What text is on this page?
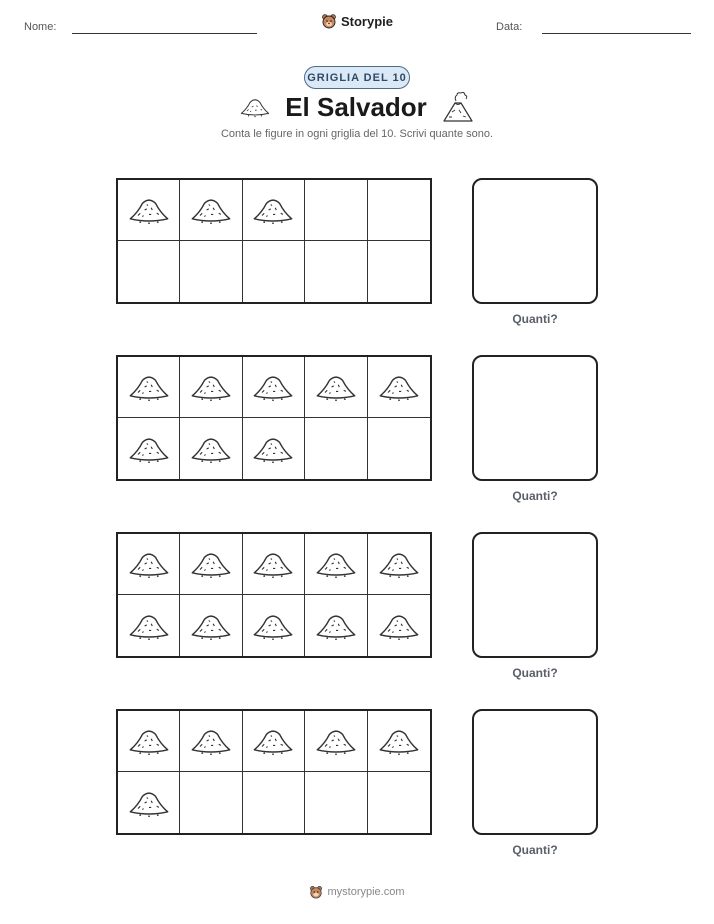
Nome:	Storypie	Data:
GRIGLIA DEL 10
El Salvador
Conta le figure in ogni griglia del 10. Scrivi quante sono.
Quanti?
Quanti?
Quanti?
Quanti?
mystorypie.com
